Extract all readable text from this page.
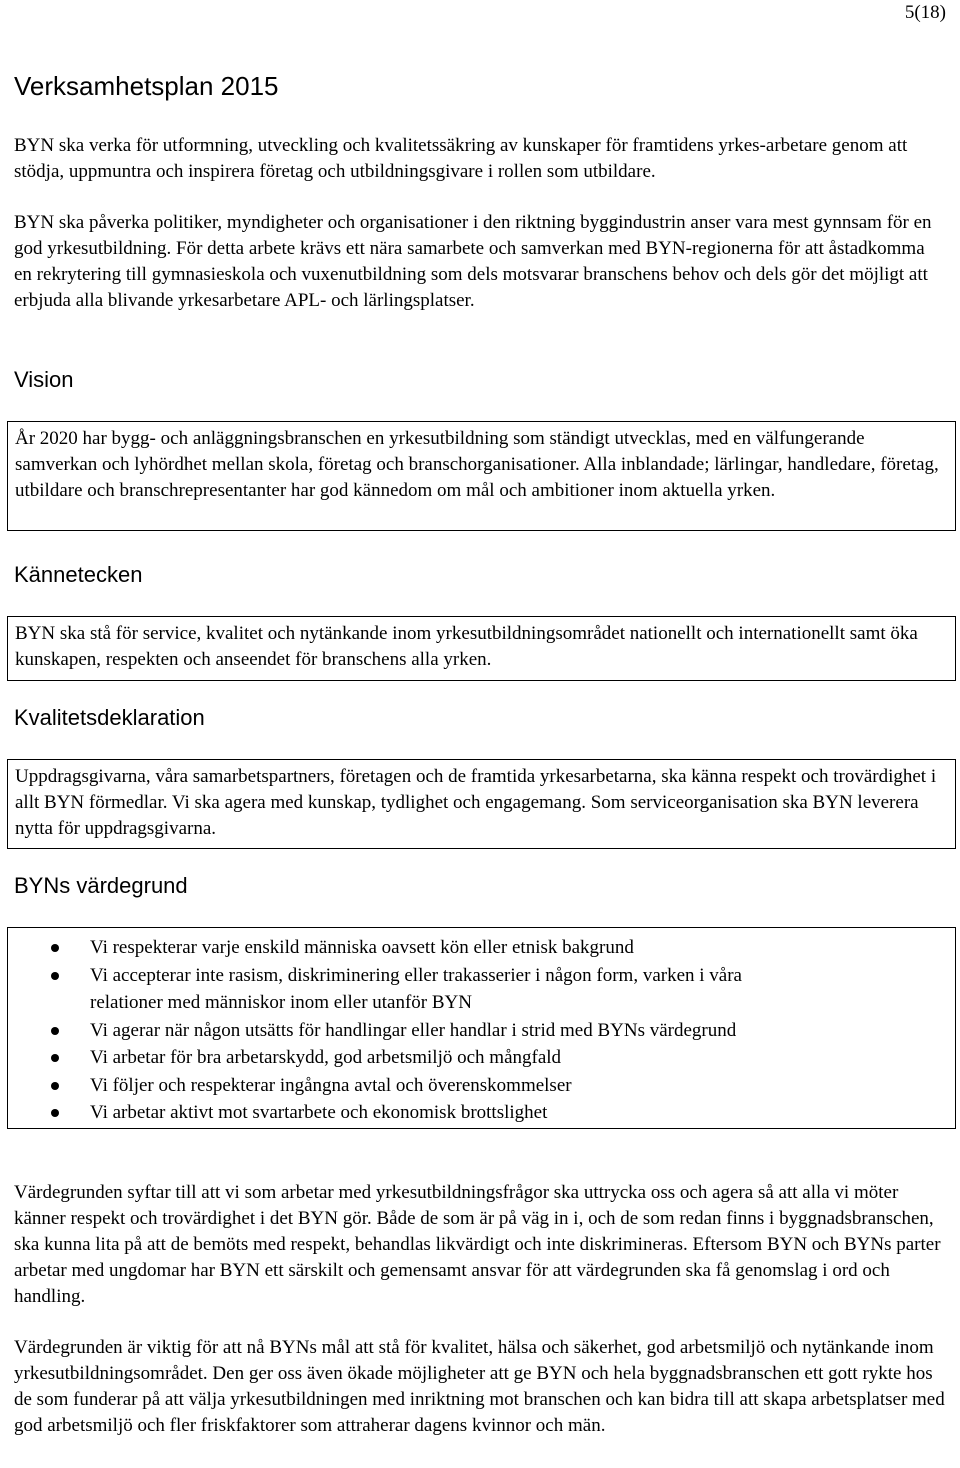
5(18)
Verksamhetsplan 2015

BYN ska verka för utformning, utveckling och kvalitetssäkring av kunskaper för framtidens yrkes-arbetare genom att stödja, uppmuntra och inspirera företag och utbildningsgivare i rollen som utbildare.

BYN ska påverka politiker, myndigheter och organisationer i den riktning byggindustrin anser vara mest gynnsam för en god yrkesutbildning. För detta arbete krävs ett nära samarbete och samverkan med BYN-regionerna för att åstadkomma en rekrytering till gymnasieskola och vuxenutbildning som dels motsvarar branschens behov och dels gör det möjligt att erbjuda alla blivande yrkesarbetare APL- och lärlingsplatser.

Vision

År 2020 har bygg- och anläggningsbranschen en yrkesutbildning som ständigt utvecklas, med en välfungerande samverkan och lyhördhet mellan skola, företag och branschorganisationer. Alla inblandade; lärlingar, handledare, företag, utbildare och branschrepresentanter har god kännedom om mål och ambitioner inom aktuella yrken.

Kännetecken

BYN ska stå för service, kvalitet och nytänkande inom yrkesutbildningsområdet nationellt och internationellt samt öka kunskapen, respekten och anseendet för branschens alla yrken.

Kvalitetsdeklaration

Uppdragsgivarna, våra samarbetspartners, företagen och de framtida yrkesarbetarna, ska känna respekt och trovärdighet i allt BYN förmedlar. Vi ska agera med kunskap, tydlighet och engagemang. Som serviceorganisation ska BYN leverera nytta för uppdragsgivarna.

BYNs värdegrund
Vi respekterar varje enskild människa oavsett kön eller etnisk bakgrund
Vi accepterar inte rasism, diskriminering eller trakasserier i någon form, varken i våra relationer med människor inom eller utanför BYN
Vi agerar när någon utsätts för handlingar eller handlar i strid med BYNs värdegrund
Vi arbetar för bra arbetarskydd, god arbetsmiljö och mångfald
Vi följer och respekterar ingångna avtal och överenskommelser
Vi arbetar aktivt mot svartarbete och ekonomisk brottslighet

Värdegrunden syftar till att vi som arbetar med yrkesutbildningsfrågor ska uttrycka oss och agera så att alla vi möter känner respekt och trovärdighet i det BYN gör. Både de som är på väg in i, och de som redan finns i byggnadsbranschen, ska kunna lita på att de bemöts med respekt, behandlas likvärdigt och inte diskrimineras. Eftersom BYN och BYNs parter arbetar med ungdomar har BYN ett särskilt och gemensamt ansvar för att värdegrunden ska få genomslag i ord och handling.

Värdegrunden är viktig för att nå BYNs mål att stå för kvalitet, hälsa och säkerhet, god arbetsmiljö och nytänkande inom yrkesutbildningsområdet. Den ger oss även ökade möjligheter att ge BYN och hela byggnadsbranschen ett gott rykte hos de som funderar på att välja yrkesutbildningen med inriktning mot branschen och kan bidra till att skapa arbetsplatser med god arbetsmiljö och fler friskfaktorer som attraherar dagens kvinnor och män.
